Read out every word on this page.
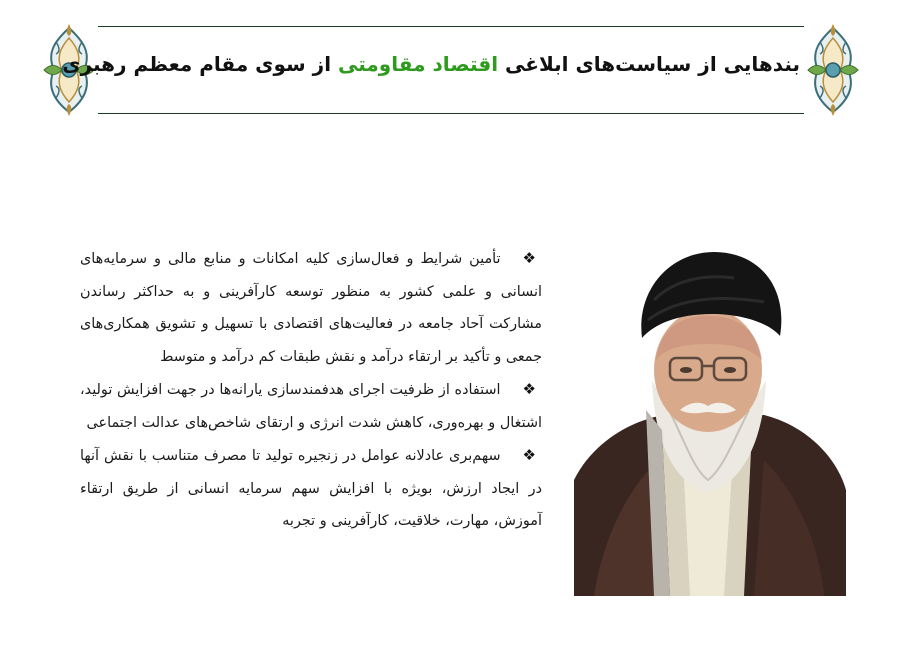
بندهایی از سیاست‌های ابلاغی اقتصاد مقاومتی از سوی مقام معظم رهبری

❖تأمین شرایط و فعال‌سازی کلیه امکانات و منابع مالی و سرمایه‌های انسانی و علمی کشور به منظور توسعه کارآفرینی و به حداکثر رساندن مشارکت آحاد جامعه در فعالیت‌های اقتصادی با تسهیل و تشویق همکاری‌های جمعی و تأکید بر ارتقاء درآمد و نقش طبقات کم درآمد و متوسط

❖استفاده از ظرفیت اجرای هدفمندسازی یارانه‌ها در جهت افزایش تولید، اشتغال و بهره‌وری، کاهش شدت انرژی و ارتقای شاخص‌های عدالت اجتماعی

❖سهم‌بری عادلانه عوامل در زنجیره تولید تا مصرف متناسب با نقش آنها در ایجاد ارزش، بویژه با افزایش سهم سرمایه انسانی از طریق ارتقاء آموزش، مهارت، خلاقیت، کارآفرینی و تجربه
